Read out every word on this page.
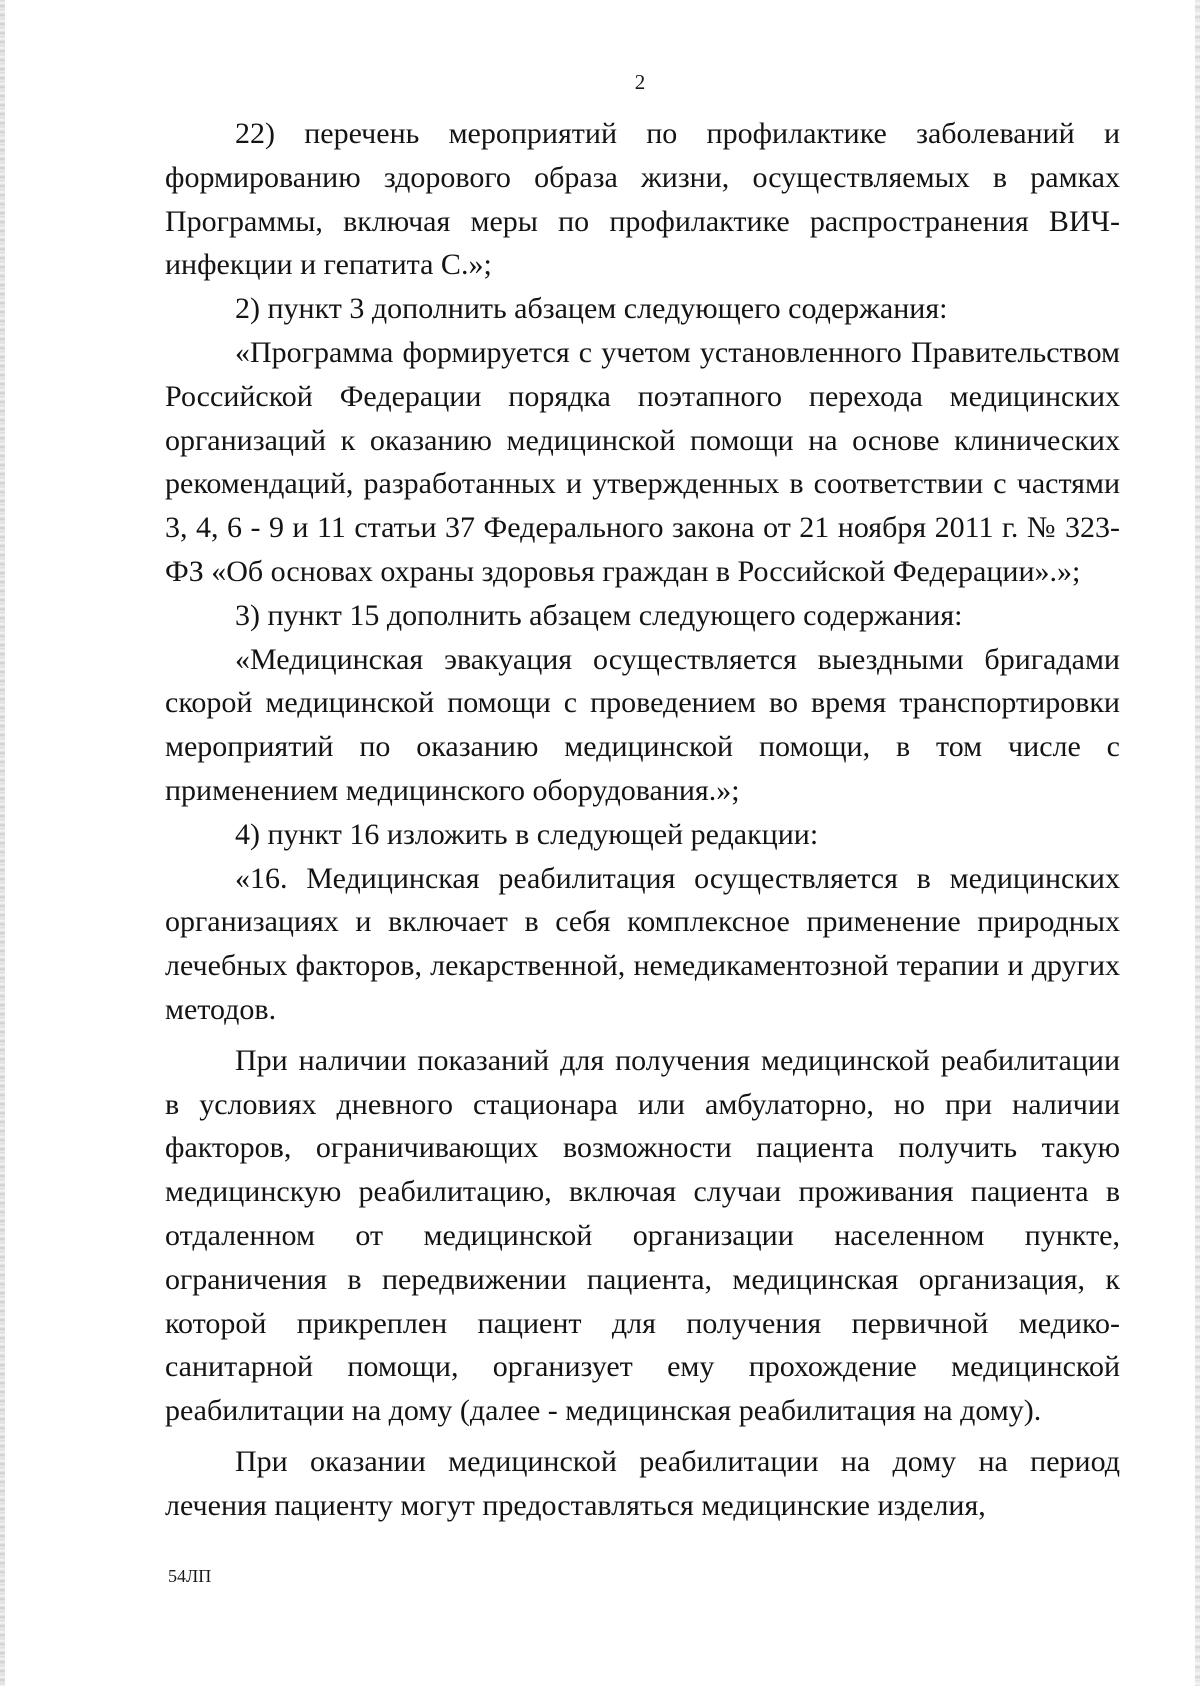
2

22) перечень мероприятий по профилактике заболеваний и формированию здорового образа жизни, осуществляемых в рамках Программы, включая меры по профилактике распространения ВИЧ-инфекции и гепатита С.»;

2) пункт 3 дополнить абзацем следующего содержания:

«Программа формируется с учетом установленного Правительством Российской Федерации порядка поэтапного перехода медицинских организаций к оказанию медицинской помощи на основе клинических рекомендаций, разработанных и утвержденных в соответствии с частями 3, 4, 6 - 9 и 11 статьи 37 Федерального закона от 21 ноября 2011 г. № 323-ФЗ «Об основах охраны здоровья граждан в Российской Федерации».»;

3) пункт 15 дополнить абзацем следующего содержания:

«Медицинская эвакуация осуществляется выездными бригадами скорой медицинской помощи с проведением во время транспортировки мероприятий по оказанию медицинской помощи, в том числе с применением медицинского оборудования.»;

4) пункт 16 изложить в следующей редакции:

«16. Медицинская реабилитация осуществляется в медицинских организациях и включает в себя комплексное применение природных лечебных факторов, лекарственной, немедикаментозной терапии и других методов.

При наличии показаний для получения медицинской реабилитации в условиях дневного стационара или амбулаторно, но при наличии факторов, ограничивающих возможности пациента получить такую медицинскую реабилитацию, включая случаи проживания пациента в отдаленном от медицинской организации населенном пункте, ограничения в передвижении пациента, медицинская организация, к которой прикреплен пациент для получения первичной медико-санитарной помощи, организует ему прохождение медицинской реабилитации на дому (далее - медицинская реабилитация на дому).

При оказании медицинской реабилитации на дому на период лечения пациенту могут предоставляться медицинские изделия,

54ЛП
